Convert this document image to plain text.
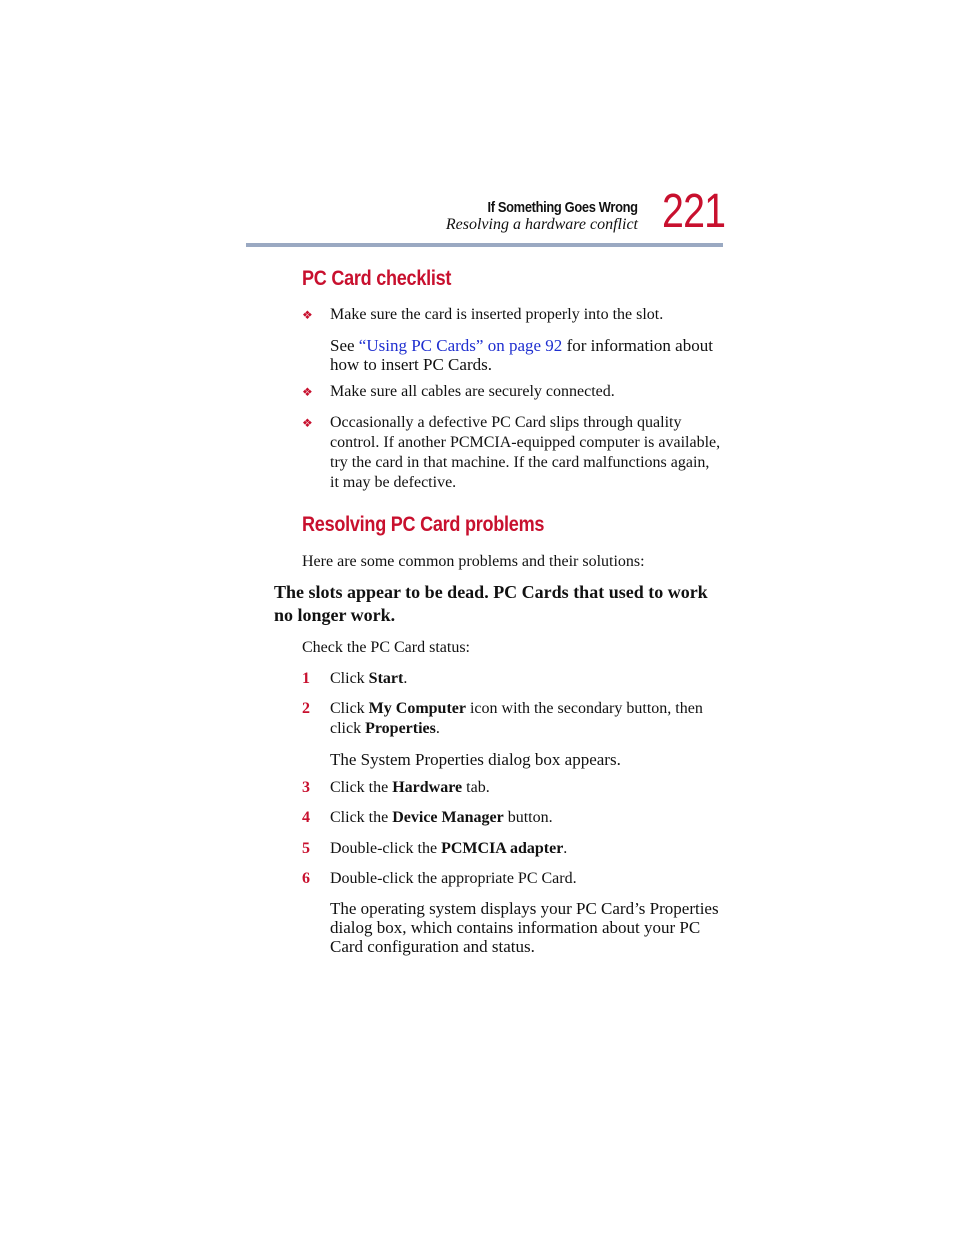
If Something Goes Wrong
Resolving a hardware conflict 221
PC Card checklist
❖ Make sure the card is inserted properly into the slot.
See “Using PC Cards” on page 92 for information about how to insert PC Cards.
❖ Make sure all cables are securely connected.
❖ Occasionally a defective PC Card slips through quality control. If another PCMCIA-equipped computer is available, try the card in that machine. If the card malfunctions again, it may be defective.
Resolving PC Card problems
Here are some common problems and their solutions:
The slots appear to be dead. PC Cards that used to work no longer work.
Check the PC Card status:
1 Click Start.
2 Click My Computer icon with the secondary button, then click Properties.
The System Properties dialog box appears.
3 Click the Hardware tab.
4 Click the Device Manager button.
5 Double-click the PCMCIA adapter.
6 Double-click the appropriate PC Card.
The operating system displays your PC Card’s Properties dialog box, which contains information about your PC Card configuration and status.
